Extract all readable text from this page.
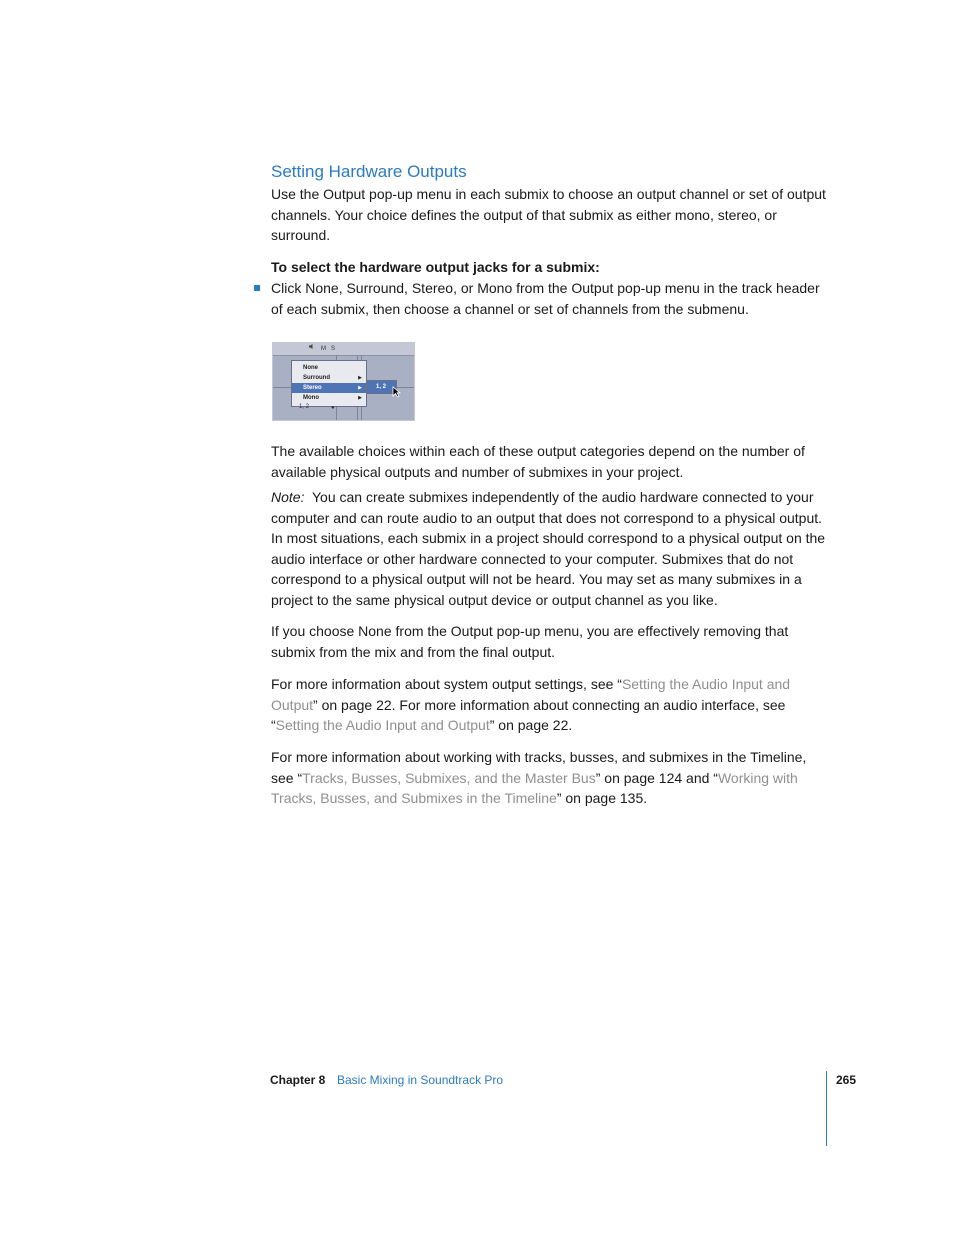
Setting Hardware Outputs

Use the Output pop-up menu in each submix to choose an output channel or set of output channels. Your choice defines the output of that submix as either mono, stereo, or surround.

To select the hardware output jacks for a submix:

Click None, Surround, Stereo, or Mono from the Output pop-up menu in the track header of each submix, then choose a channel or set of channels from the submenu.

M S
None
Surround	▶
Stereo	▶
Mono	▶
1, 2
1, 2	●

The available choices within each of these output categories depend on the number of available physical outputs and number of submixes in your project.

Note: You can create submixes independently of the audio hardware connected to your computer and can route audio to an output that does not correspond to a physical output. In most situations, each submix in a project should correspond to a physical output on the audio interface or other hardware connected to your computer. Submixes that do not correspond to a physical output will not be heard. You may set as many submixes in a project to the same physical output device or output channel as you like.

If you choose None from the Output pop-up menu, you are effectively removing that submix from the mix and from the final output.

For more information about system output settings, see “Setting the Audio Input and Output” on page 22. For more information about connecting an audio interface, see “Setting the Audio Input and Output” on page 22.

For more information about working with tracks, busses, and submixes in the Timeline, see “Tracks, Busses, Submixes, and the Master Bus” on page 124 and “Working with Tracks, Busses, and Submixes in the Timeline” on page 135.

Chapter 8 Basic Mixing in Soundtrack Pro	265
